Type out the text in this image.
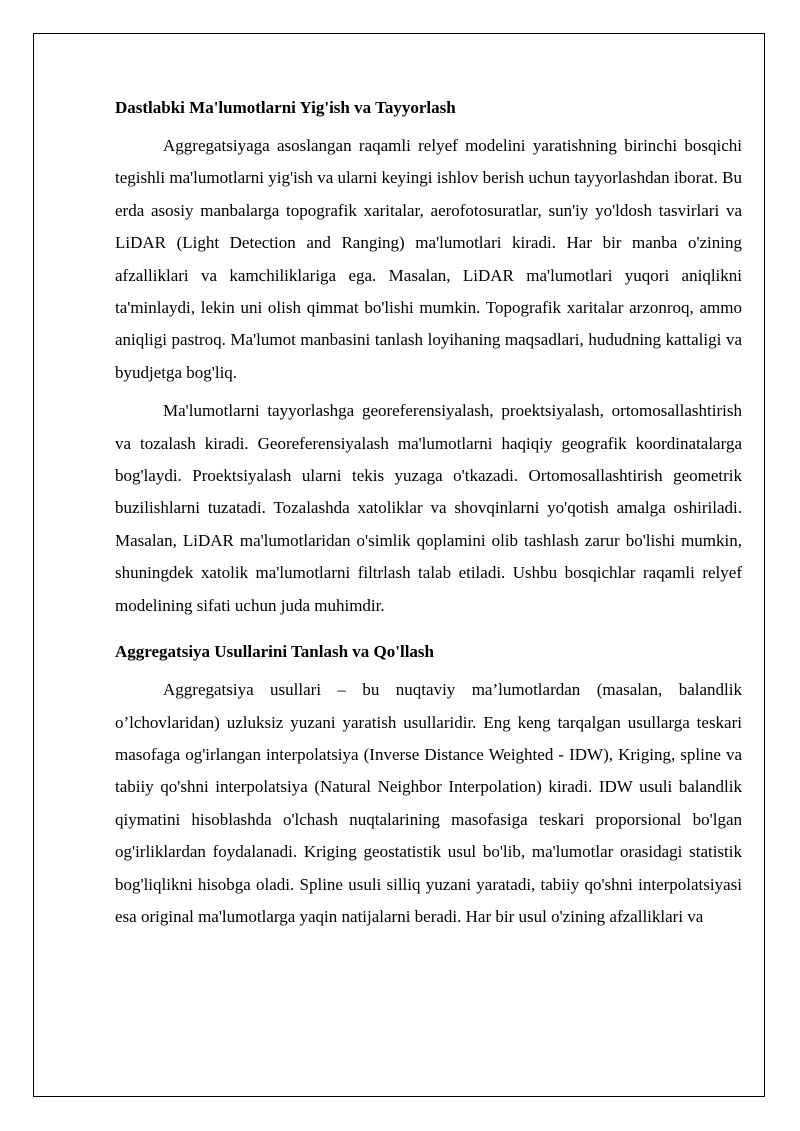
Dastlabki Ma'lumotlarni Yig'ish va Tayyorlash

Aggregatsiyaga asoslangan raqamli relyef modelini yaratishning birinchi bosqichi tegishli ma'lumotlarni yig'ish va ularni keyingi ishlov berish uchun tayyorlashdan iborat. Bu erda asosiy manbalarga topografik xaritalar, aerofotosuratlar, sun'iy yo'ldosh tasvirlari va LiDAR (Light Detection and Ranging) ma'lumotlari kiradi. Har bir manba o'zining afzalliklari va kamchiliklariga ega. Masalan, LiDAR ma'lumotlari yuqori aniqlikni ta'minlaydi, lekin uni olish qimmat bo'lishi mumkin. Topografik xaritalar arzonroq, ammo aniqligi pastroq. Ma'lumot manbasini tanlash loyihaning maqsadlari, hududning kattaligi va byudjetga bog'liq.

Ma'lumotlarni tayyorlashga georeferensiyalash, proektsiyalash, ortomosallashtirish va tozalash kiradi. Georeferensiyalash ma'lumotlarni haqiqiy geografik koordinatalarga bog'laydi. Proektsiyalash ularni tekis yuzaga o'tkazadi. Ortomosallashtirish geometrik buzilishlarni tuzatadi. Tozalashda xatoliklar va shovqinlarni yo'qotish amalga oshiriladi. Masalan, LiDAR ma'lumotlaridan o'simlik qoplamini olib tashlash zarur bo'lishi mumkin, shuningdek xatolik ma'lumotlarni filtrlash talab etiladi. Ushbu bosqichlar raqamli relyef modelining sifati uchun juda muhimdir.

Aggregatsiya Usullarini Tanlash va Qo'llash

Aggregatsiya usullari – bu nuqtaviy ma’lumotlardan (masalan, balandlik o’lchovlaridan) uzluksiz yuzani yaratish usullaridir. Eng keng tarqalgan usullarga teskari masofaga og'irlangan interpolatsiya (Inverse Distance Weighted - IDW), Kriging, spline va tabiiy qo'shni interpolatsiya (Natural Neighbor Interpolation) kiradi. IDW usuli balandlik qiymatini hisoblashda o'lchash nuqtalarining masofasiga teskari proporsional bo'lgan og'irliklardan foydalanadi. Kriging geostatistik usul bo'lib, ma'lumotlar orasidagi statistik bog'liqlikni hisobga oladi. Spline usuli silliq yuzani yaratadi, tabiiy qo'shni interpolatsiyasi esa original ma'lumotlarga yaqin natijalarni beradi. Har bir usul o'zining afzalliklari va
